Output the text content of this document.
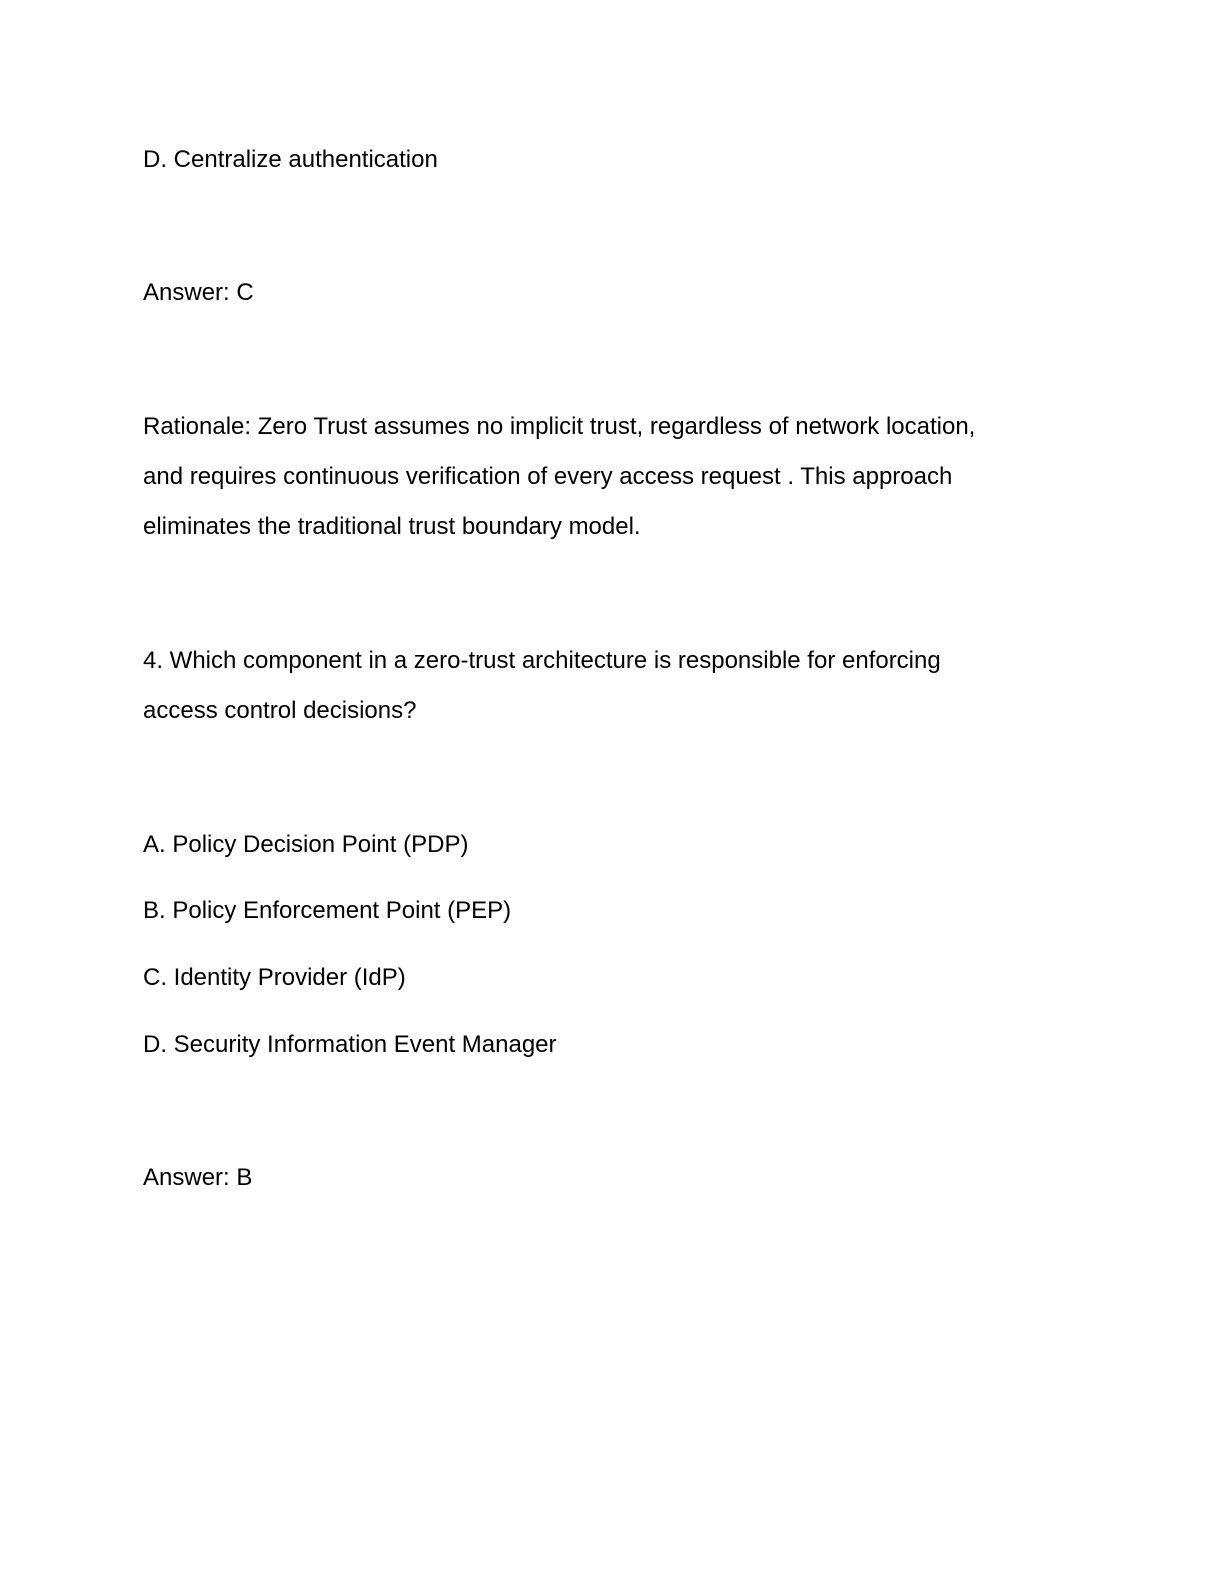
D. Centralize authentication
Answer: C
Rationale: Zero Trust assumes no implicit trust, regardless of network location,
and requires continuous verification of every access request . This approach
eliminates the traditional trust boundary model.
4. Which component in a zero-trust architecture is responsible for enforcing
access control decisions?
A. Policy Decision Point (PDP)
B. Policy Enforcement Point (PEP)
C. Identity Provider (IdP)
D. Security Information Event Manager
Answer: B
